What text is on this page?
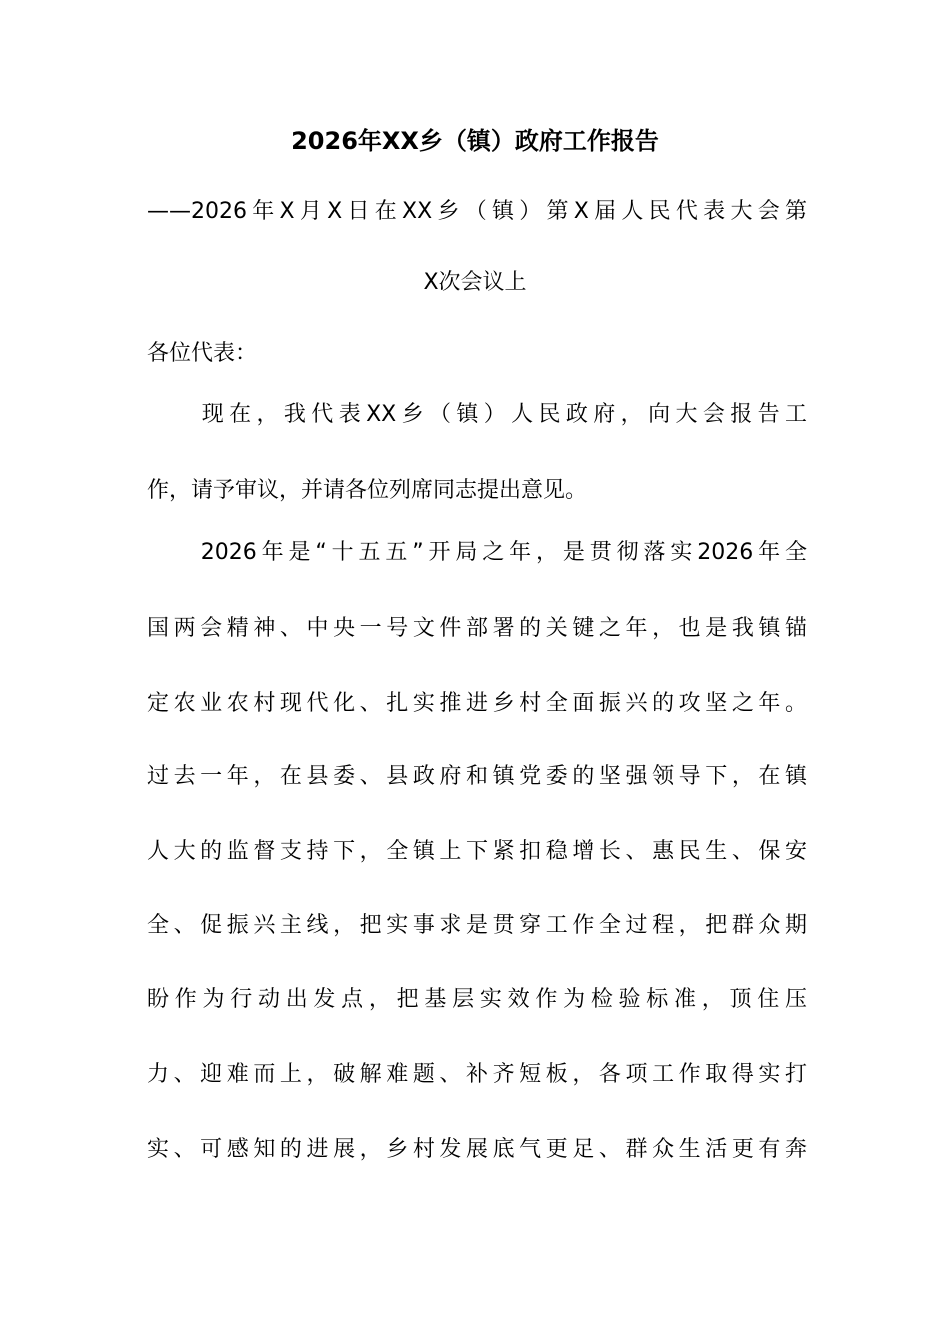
2026年XX乡（镇）政府工作报告
——2026年X月X日在XX乡（镇）第X届人民代表大会第
X次会议上
各位代表：
　　现在，我代表XX乡（镇）人民政府，向大会报告工
作，请予审议，并请各位列席同志提出意见。
　　2026年是“十五五”开局之年，是贯彻落实2026年全
国两会精神、中央一号文件部署的关键之年，也是我镇锚
定农业农村现代化、扎实推进乡村全面振兴的攻坚之年。
过去一年，在县委、县政府和镇党委的坚强领导下，在镇
人大的监督支持下，全镇上下紧扣稳增长、惠民生、保安
全、促振兴主线，把实事求是贯穿工作全过程，把群众期
盼作为行动出发点，把基层实效作为检验标准，顶住压
力、迎难而上，破解难题、补齐短板，各项工作取得实打
实、可感知的进展，乡村发展底气更足、群众生活更有奔
